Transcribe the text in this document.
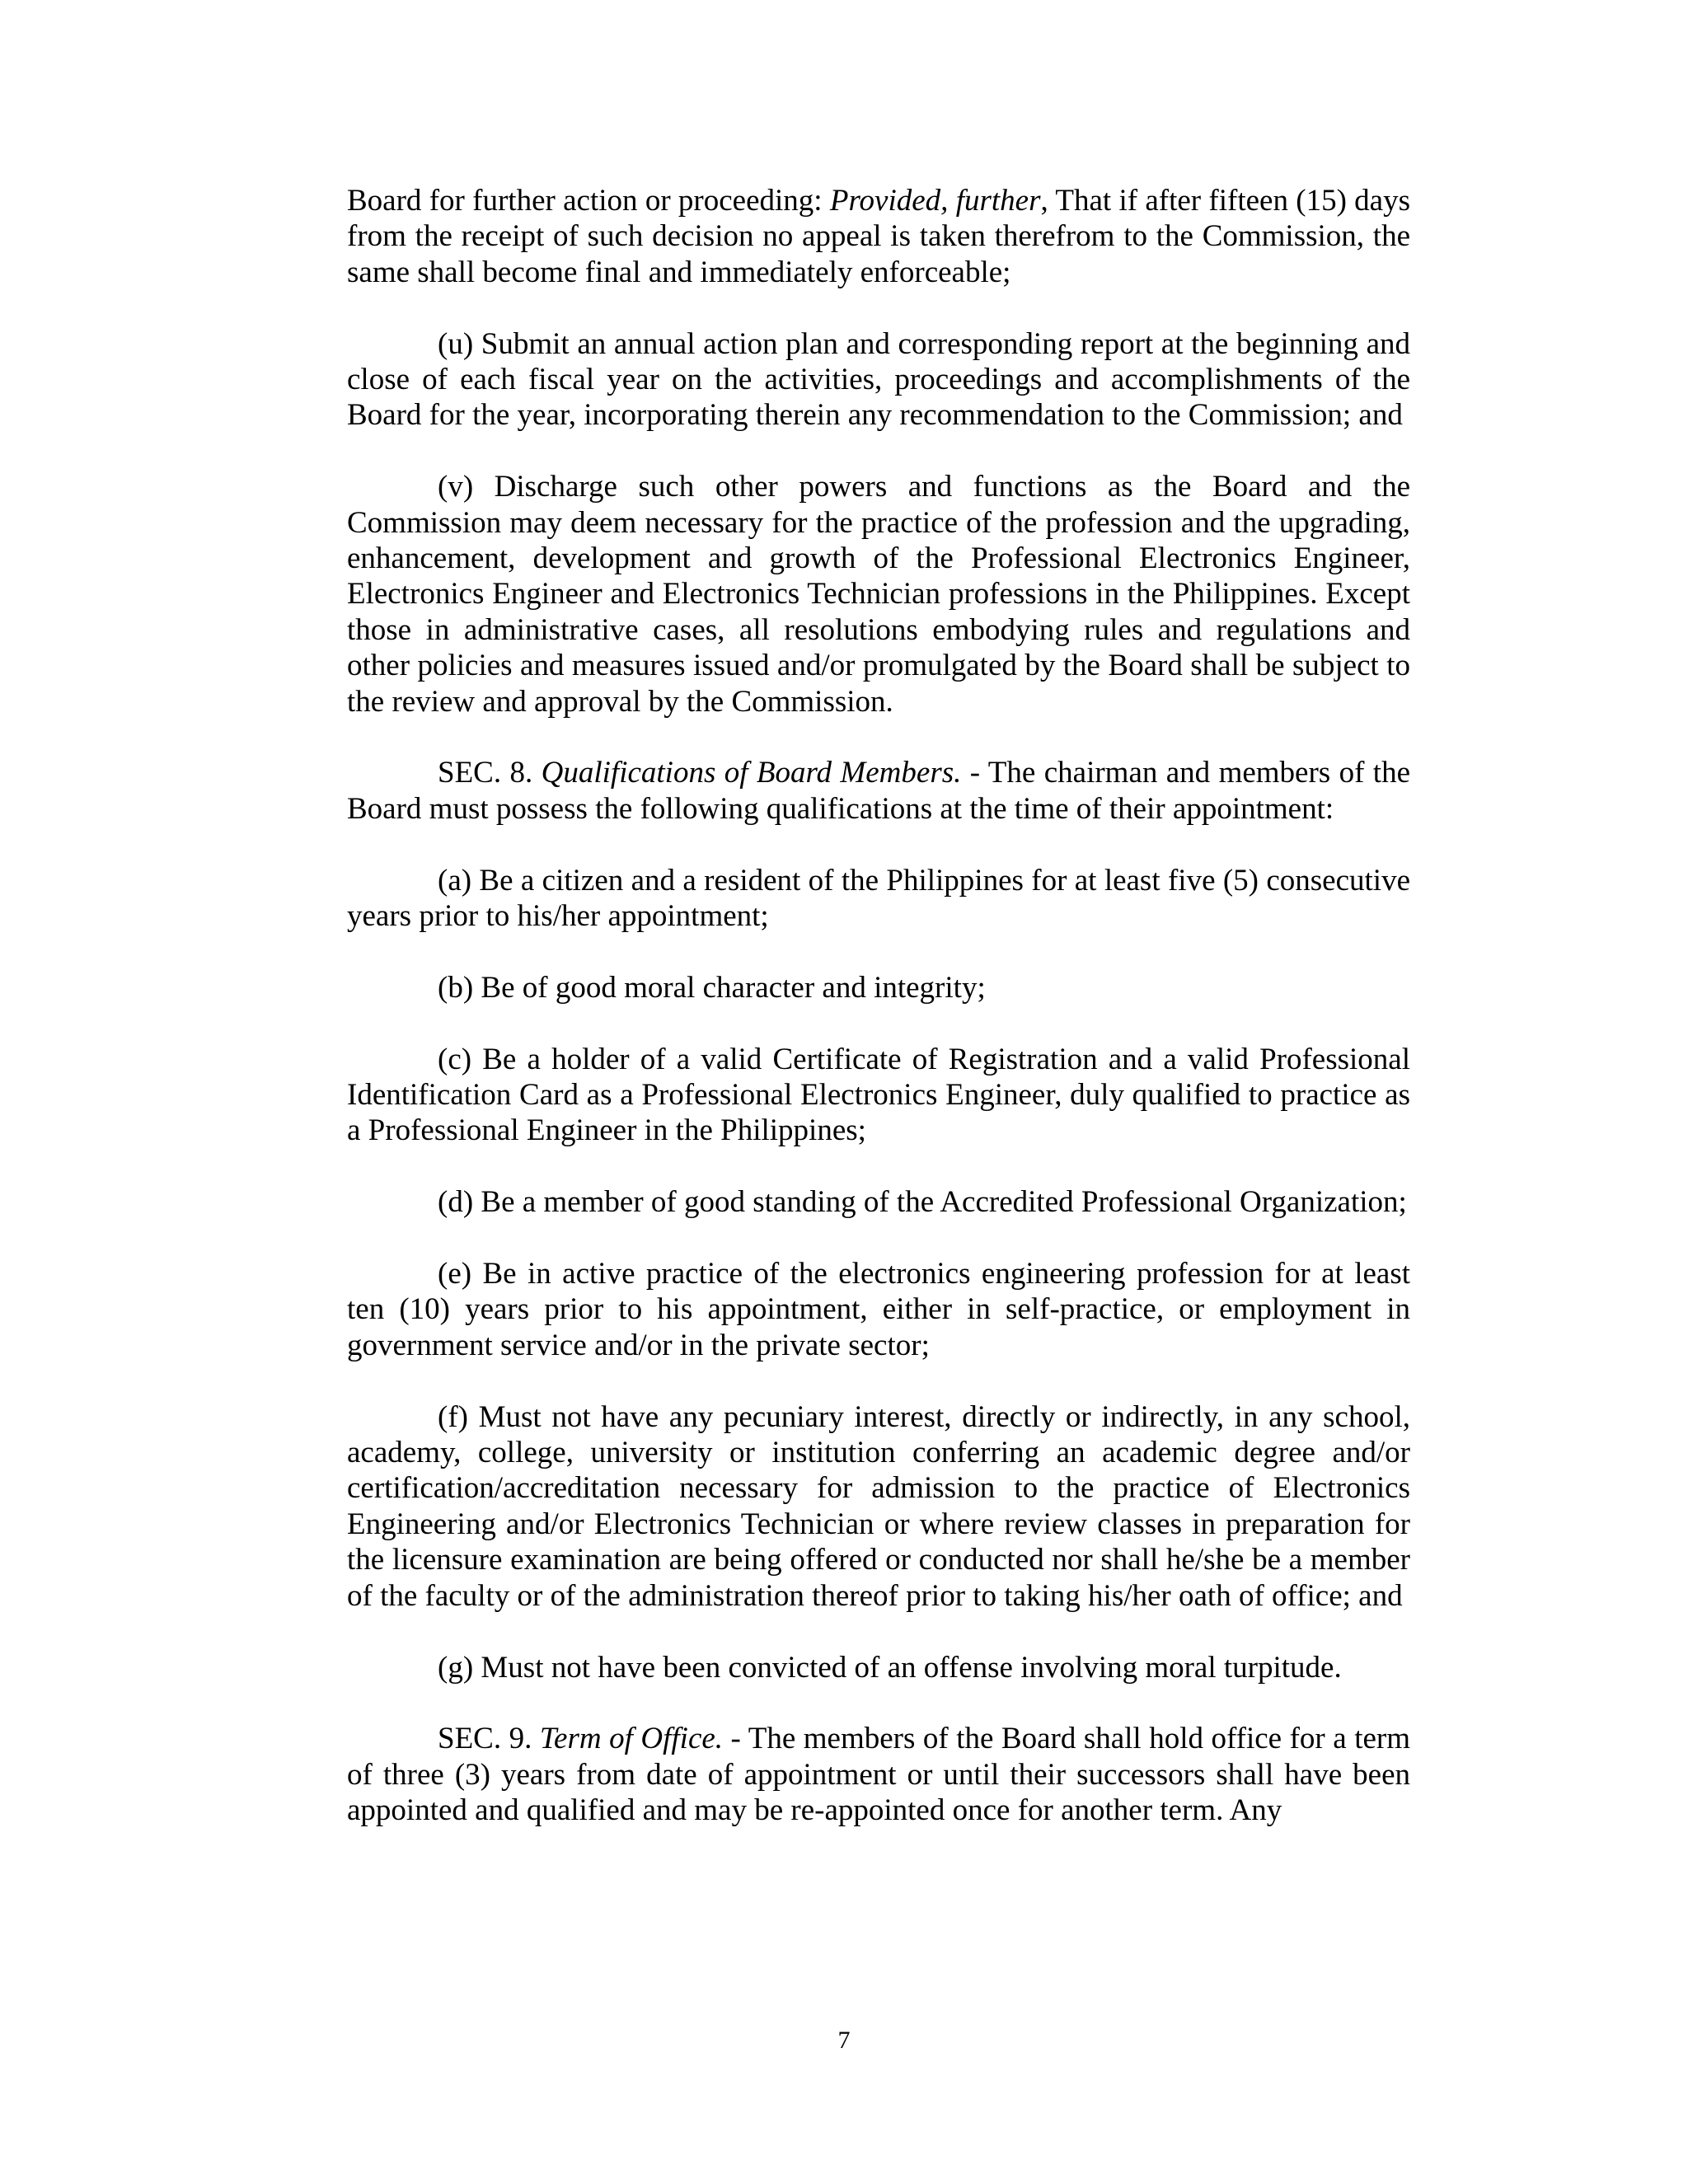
Board for further action or proceeding: Provided, further, That if after fifteen (15) days from the receipt of such decision no appeal is taken therefrom to the Commission, the same shall become final and immediately enforceable;

(u) Submit an annual action plan and corresponding report at the beginning and close of each fiscal year on the activities, proceedings and accomplishments of the Board for the year, incorporating therein any recommendation to the Commission; and

(v) Discharge such other powers and functions as the Board and the Commission may deem necessary for the practice of the profession and the upgrading, enhancement, development and growth of the Professional Electronics Engineer, Electronics Engineer and Electronics Technician professions in the Philippines. Except those in administrative cases, all resolutions embodying rules and regulations and other policies and measures issued and/or promulgated by the Board shall be subject to the review and approval by the Commission.

SEC. 8. Qualifications of Board Members. - The chairman and members of the Board must possess the following qualifications at the time of their appointment:

(a) Be a citizen and a resident of the Philippines for at least five (5) consecutive years prior to his/her appointment;

(b) Be of good moral character and integrity;

(c) Be a holder of a valid Certificate of Registration and a valid Professional Identification Card as a Professional Electronics Engineer, duly qualified to practice as a Professional Engineer in the Philippines;

(d) Be a member of good standing of the Accredited Professional Organization;

(e) Be in active practice of the electronics engineering profession for at least ten (10) years prior to his appointment, either in self-practice, or employment in government service and/or in the private sector;

(f) Must not have any pecuniary interest, directly or indirectly, in any school, academy, college, university or institution conferring an academic degree and/or certification/accreditation necessary for admission to the practice of Electronics Engineering and/or Electronics Technician or where review classes in preparation for the licensure examination are being offered or conducted nor shall he/she be a member of the faculty or of the administration thereof prior to taking his/her oath of office; and

(g) Must not have been convicted of an offense involving moral turpitude.

SEC. 9. Term of Office. - The members of the Board shall hold office for a term of three (3) years from date of appointment or until their successors shall have been appointed and qualified and may be re-appointed once for another term. Any

7
